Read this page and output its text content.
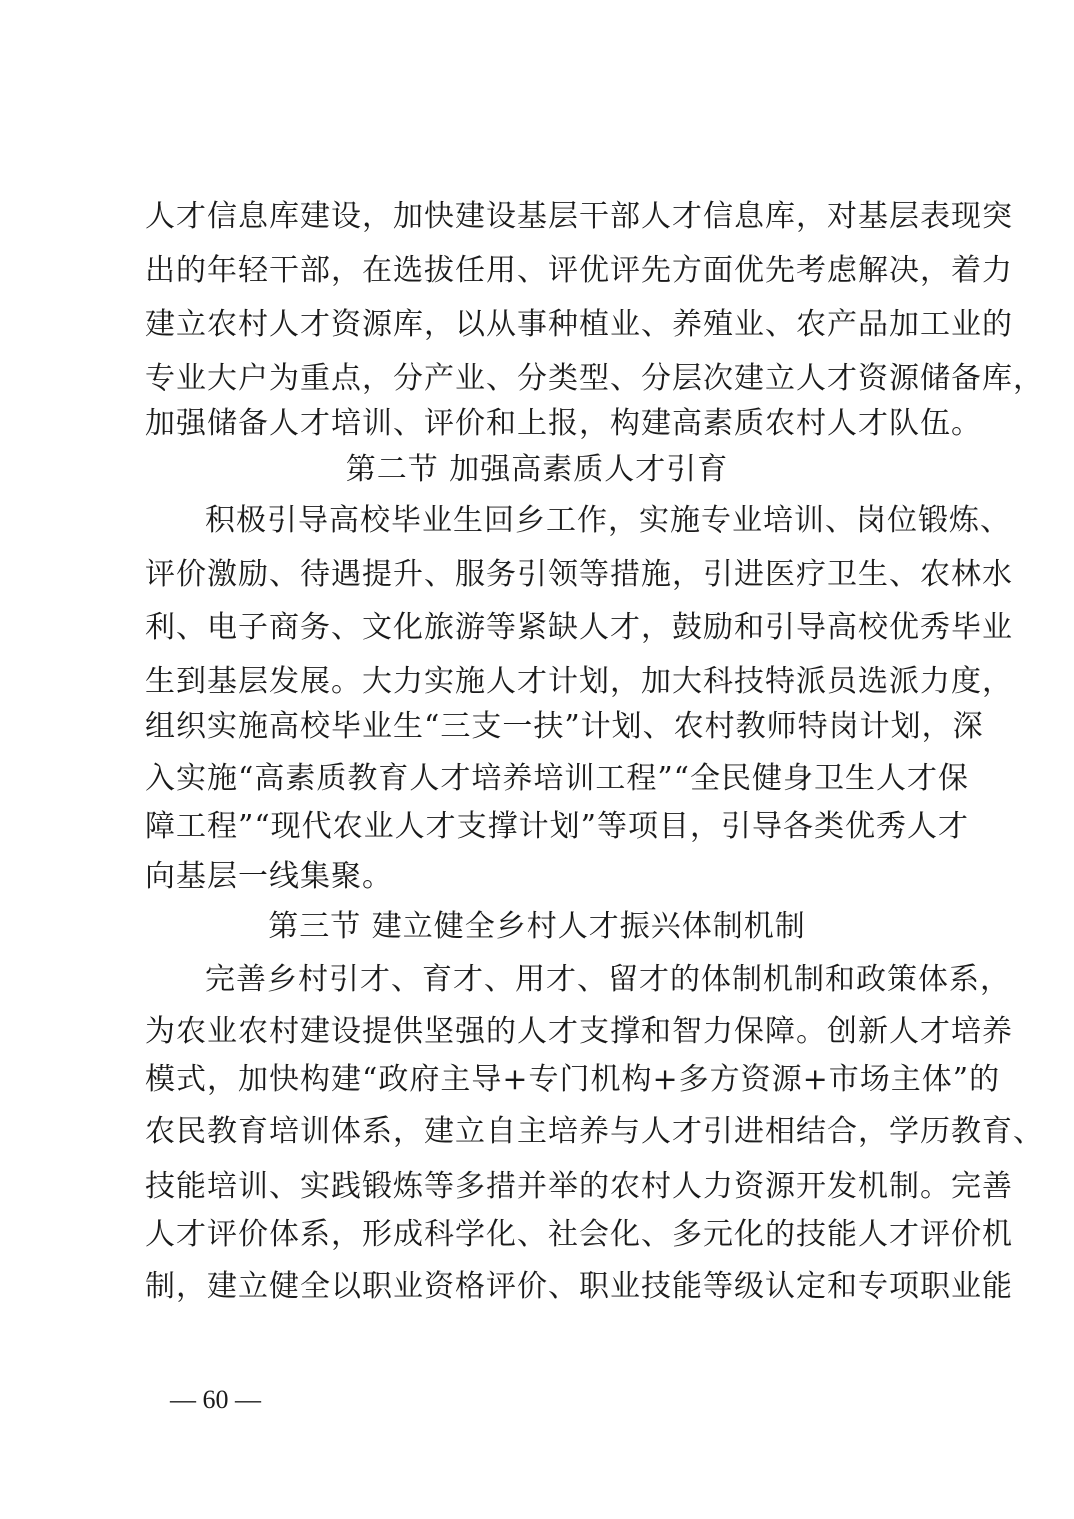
人才信息库建设，加快建设基层干部人才信息库，对基层表现突
出的年轻干部，在选拔任用、评优评先方面优先考虑解决，着力
建立农村人才资源库，以从事种植业、养殖业、农产品加工业的
专业大户为重点，分产业、分类型、分层次建立人才资源储备库，
加强储备人才培训、评价和上报，构建高素质农村人才队伍。
第二节 加强高素质人才引育
积极引导高校毕业生回乡工作，实施专业培训、岗位锻炼、
评价激励、待遇提升、服务引领等措施，引进医疗卫生、农林水
利、电子商务、文化旅游等紧缺人才，鼓励和引导高校优秀毕业
生到基层发展。大力实施人才计划，加大科技特派员选派力度，
组织实施高校毕业生“三支一扶”计划、农村教师特岗计划，深
入实施“高素质教育人才培养培训工程”“全民健身卫生人才保
障工程”“现代农业人才支撑计划”等项目，引导各类优秀人才
向基层一线集聚。
第三节 建立健全乡村人才振兴体制机制
完善乡村引才、育才、用才、留才的体制机制和政策体系，
为农业农村建设提供坚强的人才支撑和智力保障。创新人才培养
模式，加快构建“政府主导+专门机构+多方资源+市场主体”的
农民教育培训体系，建立自主培养与人才引进相结合，学历教育、
技能培训、实践锻炼等多措并举的农村人力资源开发机制。完善
人才评价体系，形成科学化、社会化、多元化的技能人才评价机
制，建立健全以职业资格评价、职业技能等级认定和专项职业能
— 60 —
